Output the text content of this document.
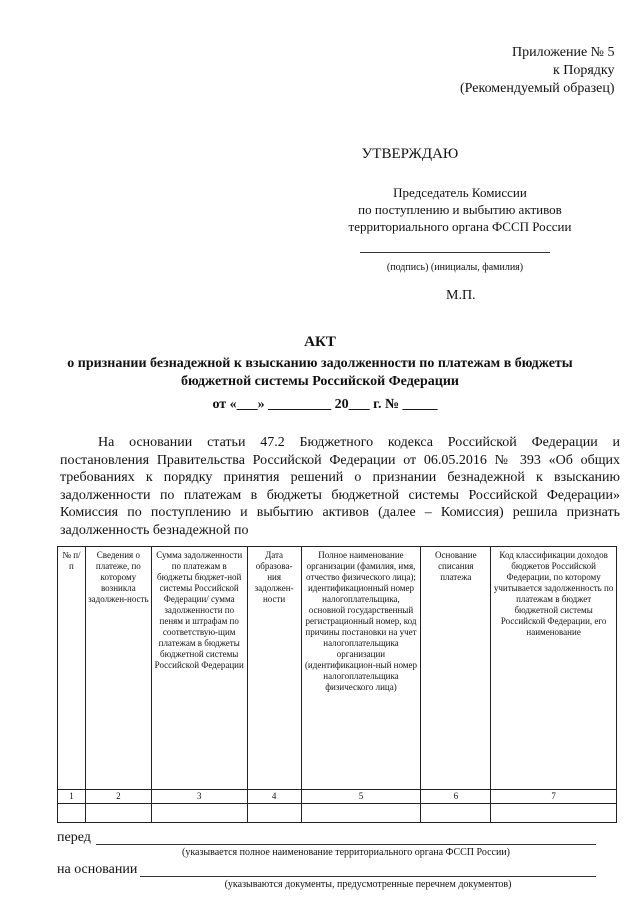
Приложение № 5
к Порядку
(Рекомендуемый образец)
УТВЕРЖДАЮ
Председатель Комиссии
по поступлению и выбытию активов
территориального органа ФССП России
(подпись) (инициалы, фамилия)
М.П.
АКТ
о признании безнадежной к взысканию задолженности по платежам в бюджеты бюджетной системы Российской Федерации
от «___» _________ 20___ г. № _____
На основании статьи 47.2 Бюджетного кодекса Российской Федерации и постановления Правительства Российской Федерации от 06.05.2016 № 393 «Об общих требованиях к порядку принятия решений о признании безнадежной к взысканию задолженности по платежам в бюджеты бюджетной системы Российской Федерации» Комиссия по поступлению и выбытию активов (далее – Комиссия) решила признать задолженность безнадежной по
№ п/п	Сведения о платеже, по которому возникла задолжен-ность	Сумма задолженности по платежам в бюджеты бюджет-ной системы Российской Федерации/ сумма задолженности по пеням и штрафам по соответствую-щим платежам в бюджеты бюджетной системы Российской Федерации	Дата образова-ния задолжен-ности	Полное наименование организации (фамилия, имя, отчество физического лица); идентификационный номер налогоплательщика, основной государственный регистрационный номер, код причины постановки на учет налогоплательщика организации (идентификацион-ный номер налогоплательщика физического лица)	Основание списания платежа	Код классификации доходов бюджетов Российской Федерации, по которому учитывается задолженность по платежам в бюджет бюджетной системы Российской Федерации, его наименование
1	2	3	4	5	6	7

перед
(указывается полное наименование территориального органа ФССП России)
на основании
(указываются документы, предусмотренные перечнем документов)
